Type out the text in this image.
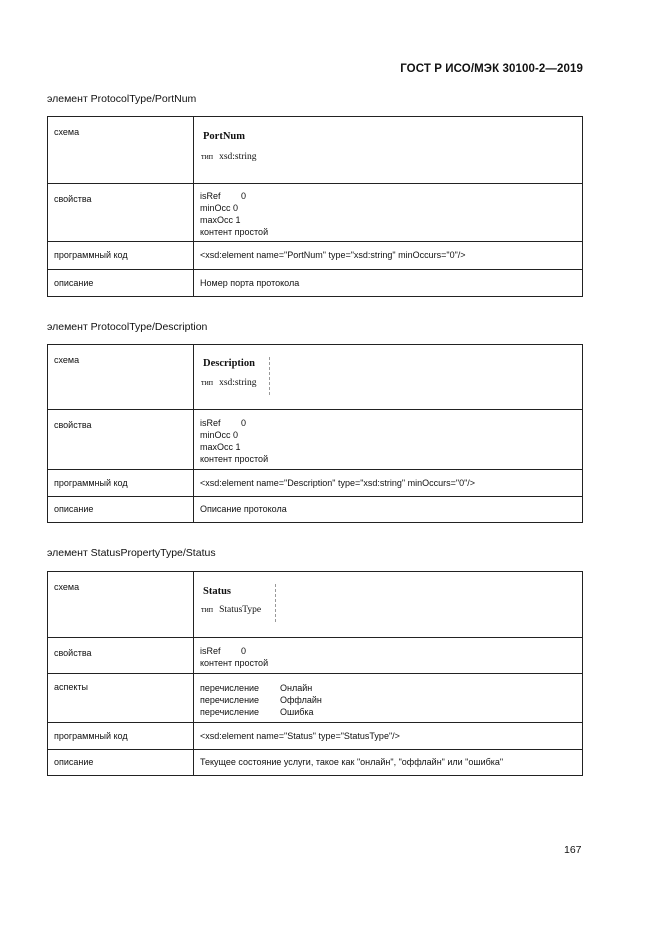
ГОСТ Р ИСО/МЭК 30100-2—2019
элемент ProtocolType/PortNum
схема	PortNum
тип xsd:string

свойства	isRef 0
minOcc 0
maxOcc 1
контент простой

программный код	<xsd:element name="PortNum" type="xsd:string" minOccurs="0"/>
описание	Номер порта протокола
элемент ProtocolType/Description
схема	Description
тип xsd:string

свойства	isRef 0
minOcc 0
maxOcc 1
контент простой

программный код	<xsd:element name="Description" type="xsd:string" minOccurs="0"/>
описание	Описание протокола
элемент StatusPropertyType/Status
схема	Status
тип StatusType

свойства	isRef 0
контент простой

аспекты	перечисление Онлайн
перечисление Оффлайн
перечисление Ошибка

программный код	<xsd:element name="Status" type="StatusType"/>
описание	Текущее состояние услуги, такое как "онлайн", "оффлайн" или "ошибка"
167
